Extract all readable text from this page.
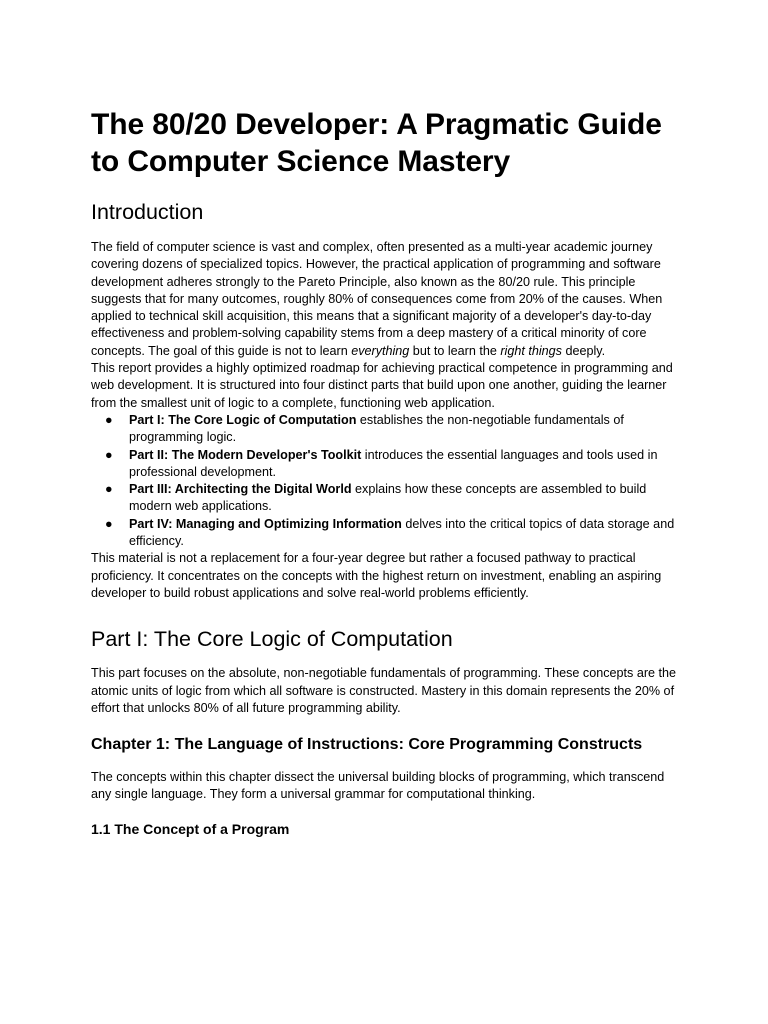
The 80/20 Developer: A Pragmatic Guide to Computer Science Mastery
Introduction

The field of computer science is vast and complex, often presented as a multi-year academic journey covering dozens of specialized topics. However, the practical application of programming and software development adheres strongly to the Pareto Principle, also known as the 80/20 rule. This principle suggests that for many outcomes, roughly 80% of consequences come from 20% of the causes. When applied to technical skill acquisition, this means that a significant majority of a developer's day-to-day effectiveness and problem-solving capability stems from a deep mastery of a critical minority of core concepts. The goal of this guide is not to learn everything but to learn the right things deeply.

This report provides a highly optimized roadmap for achieving practical competence in programming and web development. It is structured into four distinct parts that build upon one another, guiding the learner from the smallest unit of logic to a complete, functioning web application.

● Part I: The Core Logic of Computation establishes the non-negotiable fundamentals of programming logic.
● Part II: The Modern Developer's Toolkit introduces the essential languages and tools used in professional development.
● Part III: Architecting the Digital World explains how these concepts are assembled to build modern web applications.
● Part IV: Managing and Optimizing Information delves into the critical topics of data storage and efficiency.

This material is not a replacement for a four-year degree but rather a focused pathway to practical proficiency. It concentrates on the concepts with the highest return on investment, enabling an aspiring developer to build robust applications and solve real-world problems efficiently.

Part I: The Core Logic of Computation

This part focuses on the absolute, non-negotiable fundamentals of programming. These concepts are the atomic units of logic from which all software is constructed. Mastery in this domain represents the 20% of effort that unlocks 80% of all future programming ability.

Chapter 1: The Language of Instructions: Core Programming Constructs

The concepts within this chapter dissect the universal building blocks of programming, which transcend any single language. They form a universal grammar for computational thinking.

1.1 The Concept of a Program
